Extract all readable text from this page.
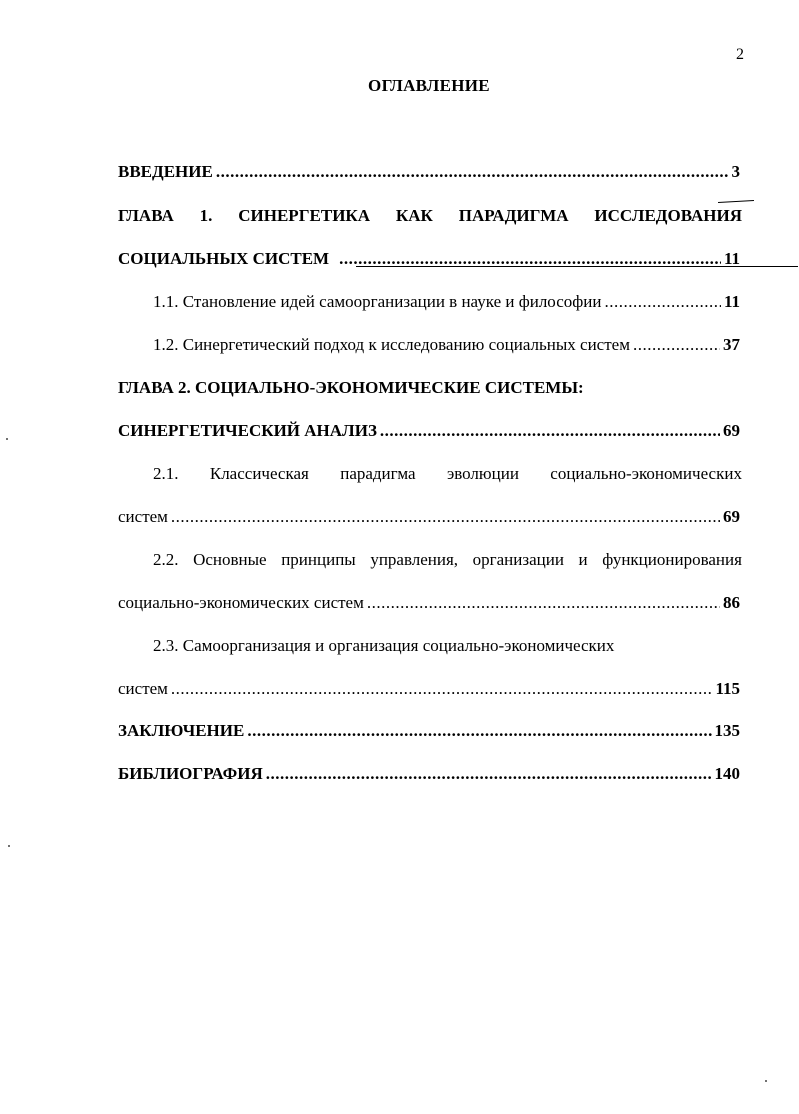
2
ОГЛАВЛЕНИЕ
ВВЕДЕНИЕ .....	3
ГЛАВА 1. СИНЕРГЕТИКА КАК ПАРАДИГМА ИССЛЕДОВАНИЯ
СОЦИАЛЬНЫХ СИСТЕМ .....	11
1.1. Становление идей самоорганизации в науке и философии .....	11
1.2. Синергетический подход к исследованию социальных систем .....	37
ГЛАВА 2. СОЦИАЛЬНО-ЭКОНОМИЧЕСКИЕ СИСТЕМЫ:
СИНЕРГЕТИЧЕСКИЙ АНАЛИЗ .....	69
2.1. Классическая парадигма эволюции социально-экономических
систем .....	69
2.2. Основные принципы управления, организации и функционирования
социально-экономических систем .....	86
2.3. Самоорганизация и организация социально-экономических
систем .....	115
ЗАКЛЮЧЕНИЕ .....	135
БИБЛИОГРАФИЯ .....	140
